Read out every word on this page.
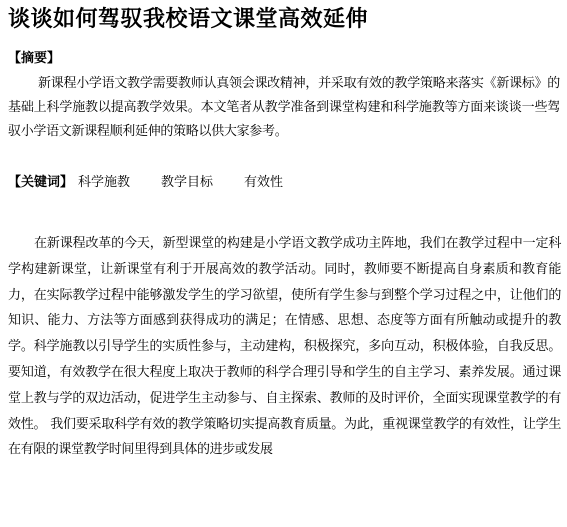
谈谈如何驾驭我校语文课堂高效延伸
【摘要】
新课程小学语文教学需要教师认真领会课改精神，并采取有效的教学策略来落实《新课标》的基础上科学施教以提高教学效果。本文笔者从教学准备到课堂构建和科学施教等方面来谈谈一些驾驭小学语文新课程顺利延伸的策略以供大家参考。
【关键词】 科学施教 教学目标 有效性
在新课程改革的今天，新型课堂的构建是小学语文教学成功主阵地，我们在教学过程中一定科学构建新课堂，让新课堂有利于开展高效的教学活动。同时，教师要不断提高自身素质和教育能力，在实际教学过程中能够激发学生的学习欲望，使所有学生参与到整个学习过程之中，让他们的知识、能力、方法等方面感到获得成功的满足；在情感、思想、态度等方面有所触动或提升的教学。科学施教以引导学生的实质性参与，主动建构，积极探究，多向互动，积极体验，自我反思。要知道，有效教学在很大程度上取决于教师的科学合理引导和学生的自主学习、素养发展。通过课堂上教与学的双边活动，促进学生主动参与、自主探索、教师的及时评价，全面实现课堂教学的有效性。 我们要采取科学有效的教学策略切实提高教育质量。为此，重视课堂教学的有效性，让学生在有限的课堂教学时间里得到具体的进步或发展
